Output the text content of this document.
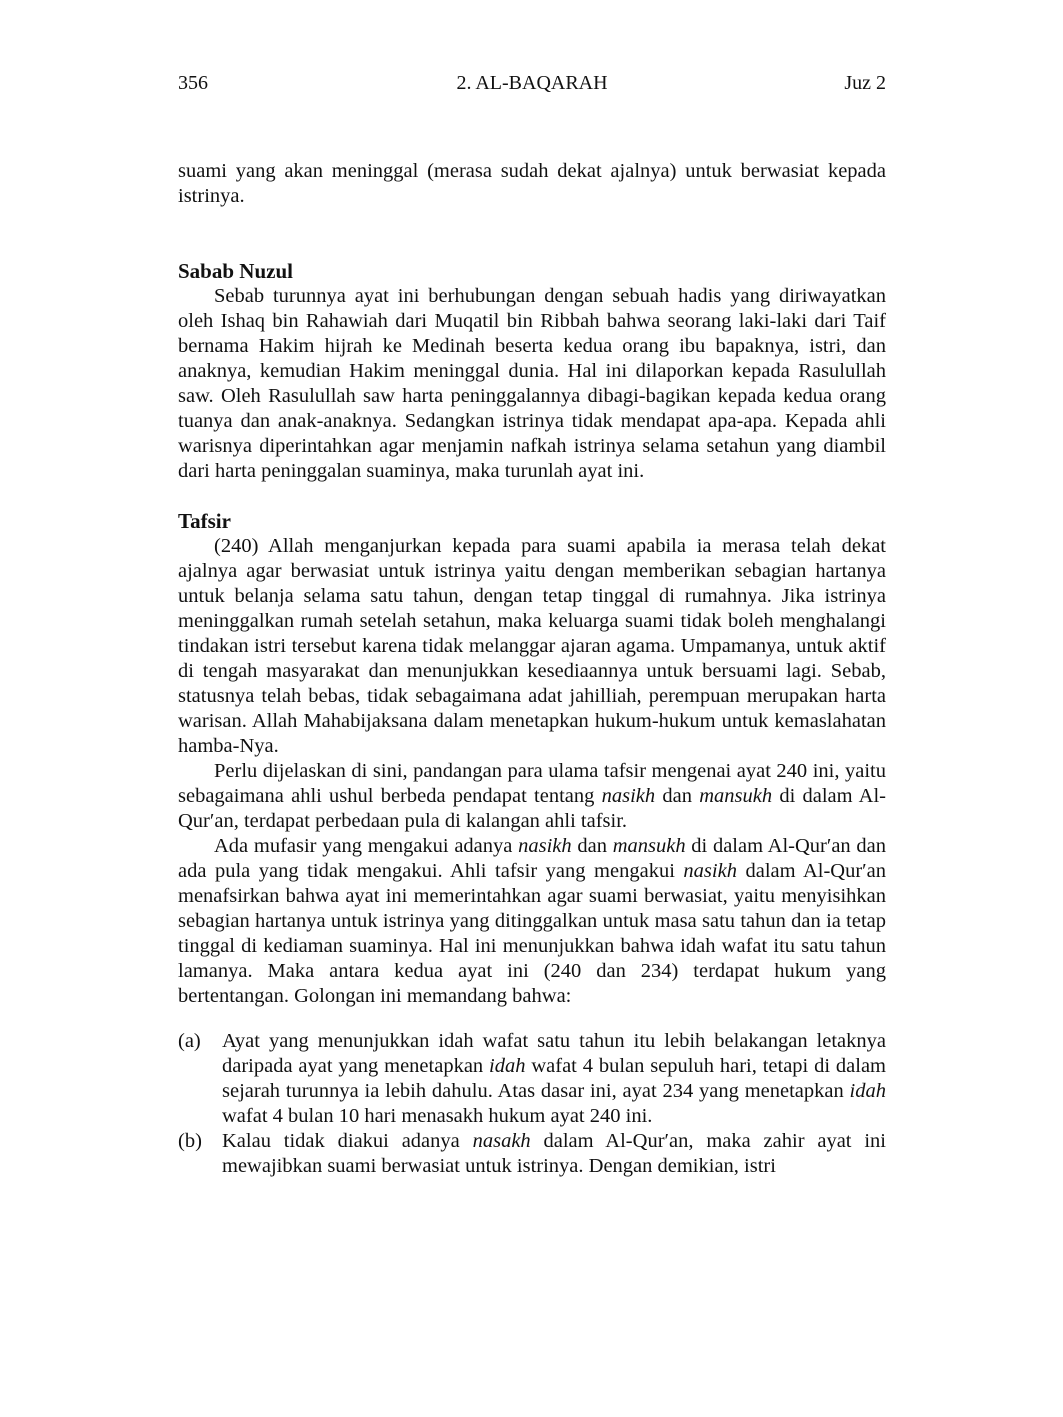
356	2. AL-BAQARAH	Juz 2

suami yang akan meninggal (merasa sudah dekat ajalnya) untuk berwasiat kepada istrinya.

Sabab Nuzul

Sebab turunnya ayat ini berhubungan dengan sebuah hadis yang diriwayatkan oleh Ishaq bin Rahawiah dari Muqatil bin Ribbah bahwa seorang laki-laki dari Taif bernama Hakim hijrah ke Medinah beserta kedua orang ibu bapaknya, istri, dan anaknya, kemudian Hakim meninggal dunia. Hal ini dilaporkan kepada Rasulullah saw. Oleh Rasulullah saw harta peninggalannya dibagi-bagikan kepada kedua orang tuanya dan anak-anaknya. Sedangkan istrinya tidak mendapat apa-apa. Kepada ahli warisnya diperintahkan agar menjamin nafkah istrinya selama setahun yang diambil dari harta peninggalan suaminya, maka turunlah ayat ini.

Tafsir

(240) Allah menganjurkan kepada para suami apabila ia merasa telah dekat ajalnya agar berwasiat untuk istrinya yaitu dengan memberikan sebagian hartanya untuk belanja selama satu tahun, dengan tetap tinggal di rumahnya. Jika istrinya meninggalkan rumah setelah setahun, maka keluarga suami tidak boleh menghalangi tindakan istri tersebut karena tidak melanggar ajaran agama. Umpamanya, untuk aktif di tengah masyarakat dan menunjukkan kesediaannya untuk bersuami lagi. Sebab, statusnya telah bebas, tidak sebagaimana adat jahilliah, perempuan merupakan harta warisan. Allah Mahabijaksana dalam menetapkan hukum-hukum untuk kemaslahatan hamba-Nya.

Perlu dijelaskan di sini, pandangan para ulama tafsir mengenai ayat 240 ini, yaitu sebagaimana ahli ushul berbeda pendapat tentang nasikh dan mansukh di dalam Al-Qur′an, terdapat perbedaan pula di kalangan ahli tafsir.

Ada mufasir yang mengakui adanya nasikh dan mansukh di dalam Al-Qur′an dan ada pula yang tidak mengakui. Ahli tafsir yang mengakui nasikh dalam Al-Qur′an menafsirkan bahwa ayat ini memerintahkan agar suami berwasiat, yaitu menyisihkan sebagian hartanya untuk istrinya yang ditinggalkan untuk masa satu tahun dan ia tetap tinggal di kediaman suaminya. Hal ini menunjukkan bahwa idah wafat itu satu tahun lamanya. Maka antara kedua ayat ini (240 dan 234) terdapat hukum yang bertentangan. Golongan ini memandang bahwa:

(a)	Ayat yang menunjukkan idah wafat satu tahun itu lebih belakangan letaknya daripada ayat yang menetapkan idah wafat 4 bulan sepuluh hari, tetapi di dalam sejarah turunnya ia lebih dahulu. Atas dasar ini, ayat 234 yang menetapkan idah wafat 4 bulan 10 hari menasakh hukum ayat 240 ini.
(b) Kalau tidak diakui adanya nasakh dalam Al-Qur′an, maka zahir ayat ini mewajibkan suami berwasiat untuk istrinya. Dengan demikian, istri
